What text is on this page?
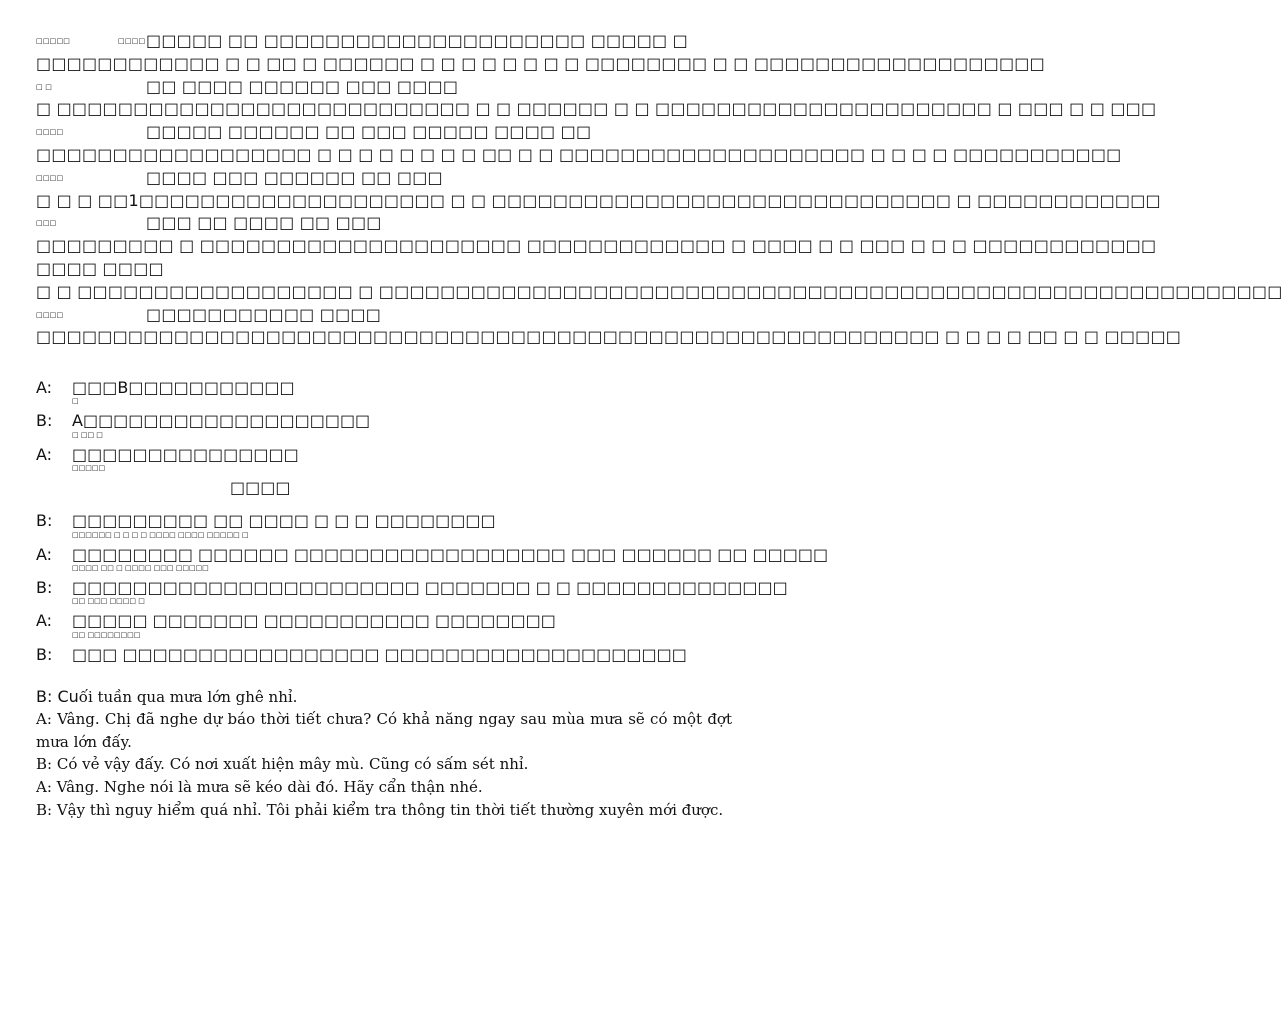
□□□□□	□□□□ □□□□□ □□ □□□□□□□□□□□□□□□□□□□□□ □□□□□ □
□□□□□□□□□□□□ □ □ □□ □ □□□□□□ □ □ □ □ □ □ □ □ □□□□□□□□ □ □ □□□□□□□□□□□□□□□□□□□
□ □	□□ □□□□ □□□□□□ □□□ □□□□
□ □□□□□□□□□□□□□□□□□□□□□□□□□□□ □ □ □□□□□□ □ □ □□□□□□□□□□□□□□□□□□□□□□ □ □□□ □ □ □□□
□□□□	□□□□□ □□□□□□ □□ □□□ □□□□□ □□□□ □□
□□□□□□□□□□□□□□□□□□ □ □ □ □ □ □ □ □ □□ □ □ □□□□□□□□□□□□□□□□□□□□ □ □ □ □ □□□□□□□□□□□
□□□□	□□□□ □□□ □□□□□□ □□ □□□
□ □ □ □□1□□□□□□□□□□□□□□□□□□□□ □ □ □□□□□□□□□□□□□□□□□□□□□□□□□□□□□□ □ □□□□□□□□□□□□
□□□	□□□ □□ □□□□ □□ □□□
□□□□□□□□□ □ □□□□□□□□□□□□□□□□□□□□□ □□□□□□□□□□□□□ □ □□□□ □ □ □□□ □ □ □ □□□□□□□□□□□□
□□□□ □□□□
□ □ □□□□□□□□□□□□□□□□□□ □ □□□□□□□□□□□□□□□□□□□□□□□□□□□□□□□□□□□□□□□□□□□□□□□□□□□□□□□□□□□
□□□□	□□□□□□□□□□□ □□□□
□□□□□□□□□□□□□□□□□□□□□□□□□□□□□□□□□□□□□□□□□□□□□□□□□□□□□□□□□□□ □ □ □ □ □□ □ □ □□□□□
A:	□□□B□□□□□□□□□□□
□
B:	A□□□□□□□□□□□□□□□□□□□
□ □□ □
A:	□□□□□□□□□□□□□□□
□□□□□
□□□□
B:	□□□□□□□□□ □□ □□□□ □ □ □ □□□□□□□□
□□□□□□ □ □ □ □ □□□□ □□□□ □□□□□ □
A:	□□□□□□□□ □□□□□□ □□□□□□□□□□□□□□□□□□ □□□ □□□□□□ □□ □□□□□
□□□□ □□ □ □□□□ □□□ □□□□□
B:	□□□□□□□□□□□□□□□□□□□□□□□ □□□□□□□ □ □ □□□□□□□□□□□□□□
□□ □□□ □□□□ □
A:	□□□□□ □□□□□□□ □□□□□□□□□□□ □□□□□□□□
□□ □□□□□□□□
B:	□□□ □□□□□□□□□□□□□□□□□ □□□□□□□□□□□□□□□□□□□□

B: Cuối tuần qua mưa lớn ghê nhỉ.

A: Vâng. Chị đã nghe dự báo thời tiết chưa? Có khả năng ngay sau mùa mưa sẽ có một đợt mưa lớn đấy.

B: Có vẻ vậy đấy. Có nơi xuất hiện mây mù. Cũng có sấm sét nhỉ.

A: Vâng. Nghe nói là mưa sẽ kéo dài đó. Hãy cẩn thận nhé.

B: Vậy thì nguy hiểm quá nhỉ. Tôi phải kiểm tra thông tin thời tiết thường xuyên mới được.
